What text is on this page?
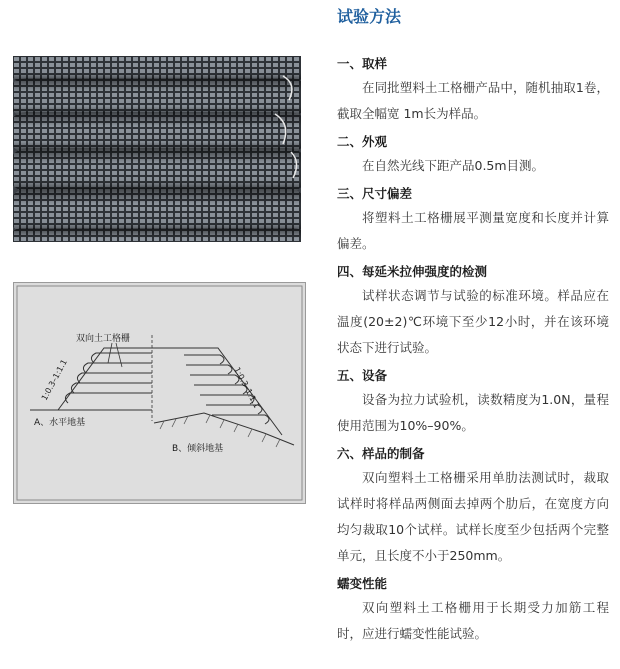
双向土工格栅
1:0.3–1:1.1	1:0.3–1:1.1
A、水平地基
B、倾斜地基
试验方法
一、取样

在同批塑料土工格栅产品中，随机抽取1卷，截取全幅宽 1m长为样品。

二、外观

在自然光线下距产品0.5m目测。

三、尺寸偏差

将塑料土工格栅展平测量宽度和长度并计算偏差。

四、每延米拉伸强度的检测

试样状态调节与试验的标准环境。样品应在温度(20±2)℃环境下至少12小时，并在该环境状态下进行试验。

五、设备

设备为拉力试验机，读数精度为1.0N，量程使用范围为10%–90%。

六、样品的制备

双向塑料土工格栅采用单肋法测试时，裁取试样时将样品两侧面去掉两个肋后，在宽度方向均匀裁取10个试样。试样长度至少包括两个完整单元，且长度不小于250mm。

蠕变性能

双向塑料土工格栅用于长期受力加筋工程时，应进行蠕变性能试验。
